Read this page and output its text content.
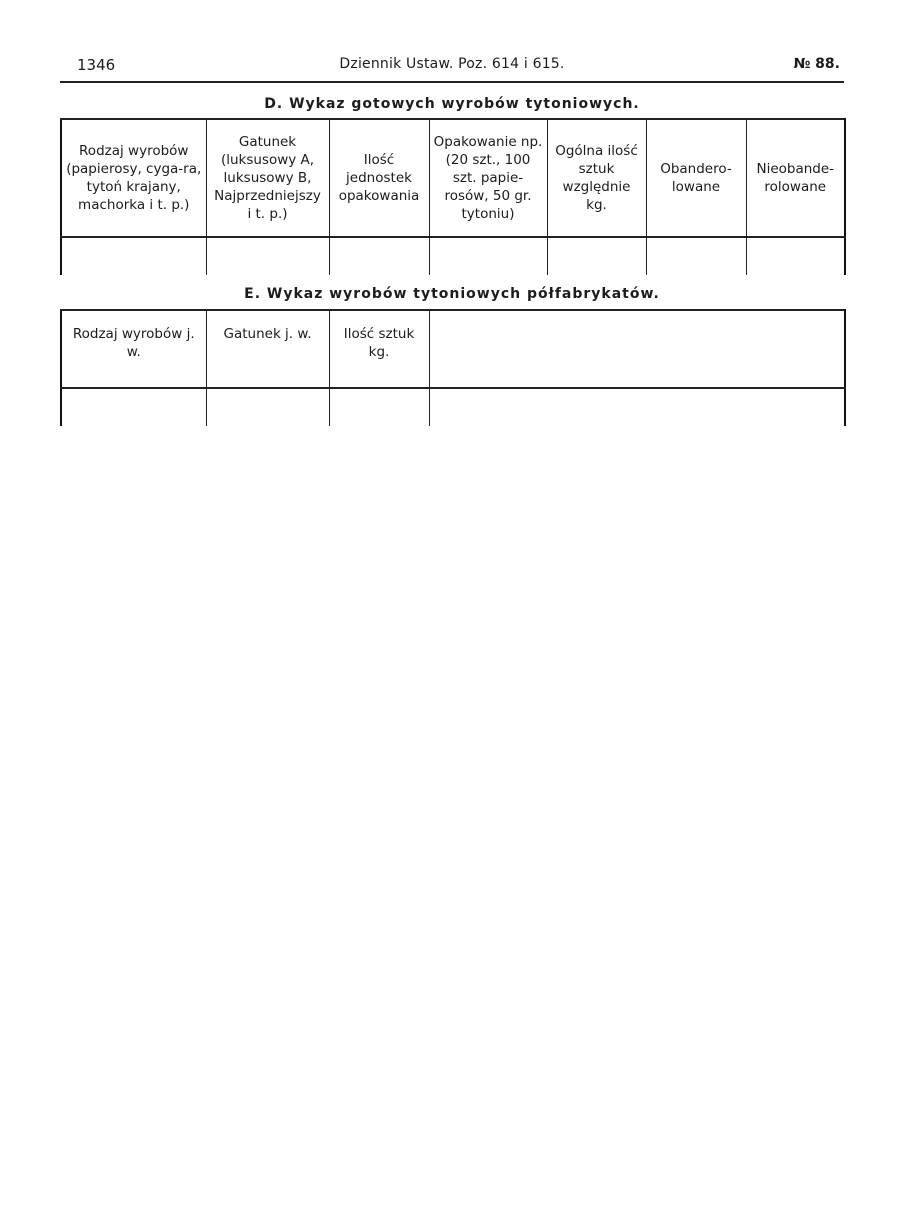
1346	Dziennik Ustaw. Poz. 614 i 615.	№ 88.
D. Wykaz gotowych wyrobów tytoniowych.
Rodzaj wyrobów (papierosy, cyga-ra, tytoń krajany, machorka i t. p.)	Gatunek (luksusowy A, luksusowy B, Najprzedniejszy i t. p.)	Ilość jednostek opakowania	Opakowanie np. (20 szt., 100 szt. papie-rosów, 50 gr. tytoniu)	Ogólna ilość sztuk względnie kg.	Obandero-lowane	Nieobande-rolowane

E. Wykaz wyrobów tytoniowych półfabrykatów.
Rodzaj wyrobów j. w.	Gatunek j. w.	Ilość sztuk kg.	
